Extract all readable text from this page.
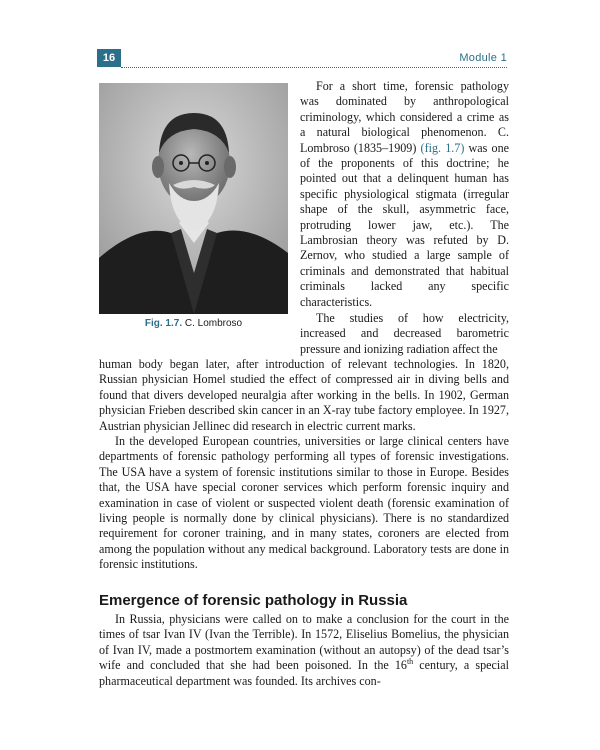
16	Module 1
Fig. 1.7. C. Lombroso

For a short time, forensic pathology was dominated by anthropological criminology, which considered a crime as a natural biological phenomenon. C. Lombroso (1835–1909) (fig. 1.7) was one of the proponents of this doctrine; he pointed out that a delinquent human has specific physiological stigmata (irregular shape of the skull, asymmetric face, protruding lower jaw, etc.). The Lambrosian theory was refuted by D. Zernov, who studied a large sample of criminals and demonstrated that habitual criminals lacked any specific characteristics.

The studies of how electricity, increased and decreased barometric pressure and ionizing radiation affect the

human body began later, after introduction of relevant technologies. In 1820, Russian physician Homel studied the effect of compressed air in diving bells and found that divers developed neuralgia after working in the bells. In 1902, German physician Frieben described skin cancer in an X-ray tube factory employee. In 1927, Austrian physician Jellinec did research in electric current marks.

In the developed European countries, universities or large clinical centers have departments of forensic pathology performing all types of forensic investigations. The USA have a system of forensic institutions similar to those in Europe. Besides that, the USA have special coroner services which perform forensic inquiry and examination in case of violent or suspected violent death (forensic examination of living people is normally done by clinical physicians). There is no standardized requirement for coroner training, and in many states, coroners are elected from among the population without any medical background. Laboratory tests are done in forensic institutions.

Emergence of forensic pathology in Russia

In Russia, physicians were called on to make a conclusion for the court in the times of tsar Ivan IV (Ivan the Terrible). In 1572, Eliselius Bomelius, the physician of Ivan IV, made a postmortem examination (without an autopsy) of the dead tsar’s wife and concluded that she had been poisoned. In the 16th century, a special pharmaceutical department was founded. Its archives con-
